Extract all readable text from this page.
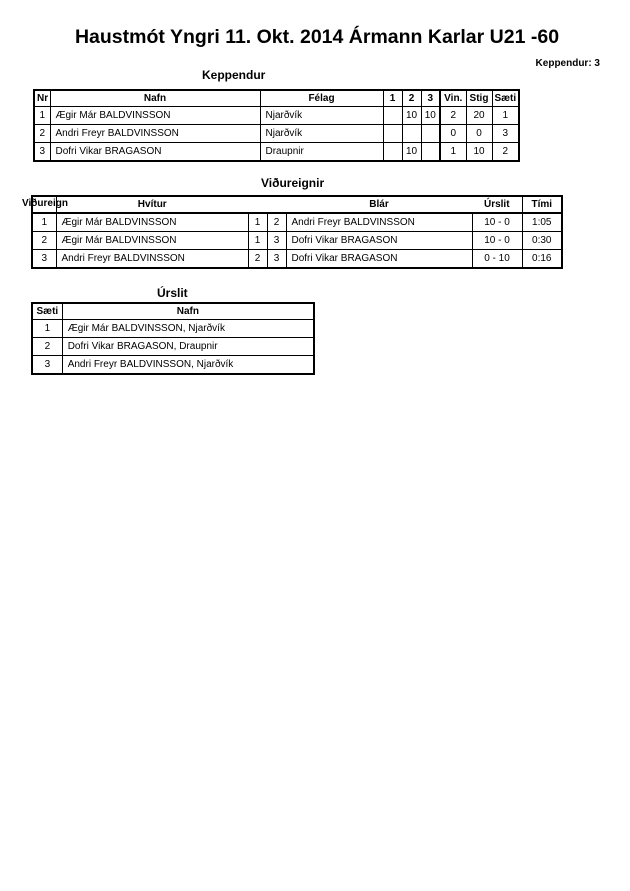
Haustmót Yngri 11. Okt. 2014 Ármann Karlar U21 -60
Keppendur: 3
Keppendur
Nr	Nafn	Félag	1	2	3	Vin.	Stig	Sæti
1	Ægir Már BALDVINSSON	Njarðvík		10	10	2	20	1
2	Andri Freyr BALDVINSSON	Njarðvík				0	0	3
3	Dofri Vikar BRAGASON	Draupnir		10		1	10	2
Viðureignir
Viðureign
		Hvítur			Blár	Úrslit	Tími
1	Ægir Már BALDVINSSON	1	2	Andri Freyr BALDVINSSON	10 - 0	1:05
2	Ægir Már BALDVINSSON	1	3	Dofri Vikar BRAGASON	10 - 0	0:30
3	Andri Freyr BALDVINSSON	2	3	Dofri Vikar BRAGASON	0 - 10	0:16
Úrslit
Sæti	Nafn
1	Ægir Már BALDVINSSON, Njarðvík
2	Dofri Vikar BRAGASON, Draupnir
3	Andri Freyr BALDVINSSON, Njarðvík
